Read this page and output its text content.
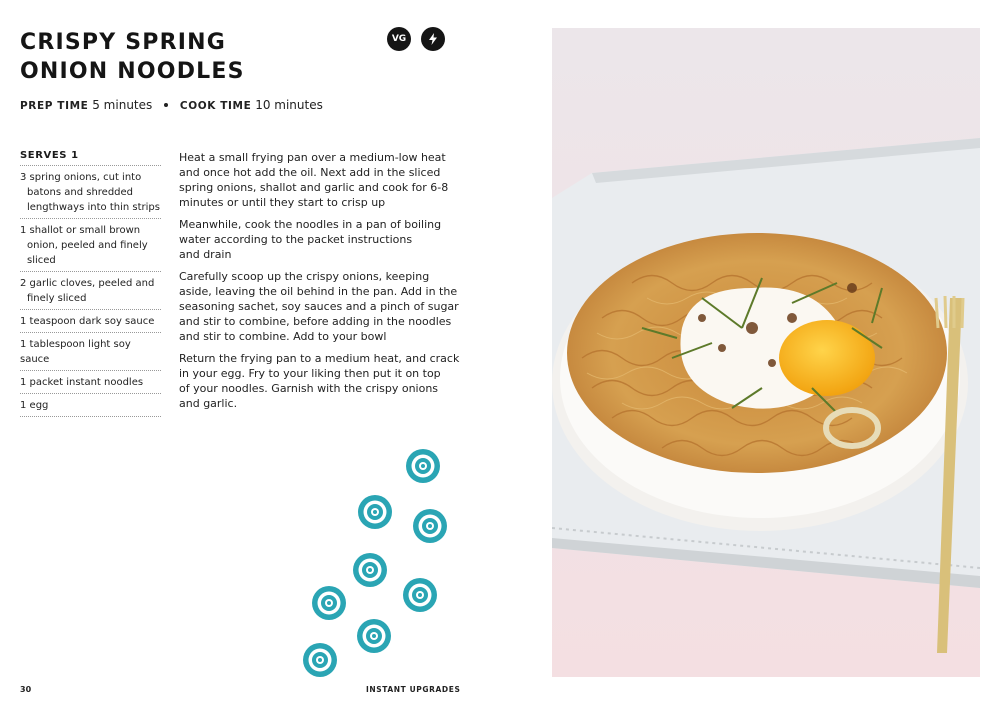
CRISPY SPRING
ONION NOODLES
VG
PREP TIME 5 minutes	COOK TIME 10 minutes
SERVES 1
3 spring onions, cut into
batons and shredded
lengthways into thin strips
1 shallot or small brown
onion, peeled and finely
sliced
2 garlic cloves, peeled and
finely sliced
1 teaspoon dark soy sauce
1 tablespoon light soy sauce
1 packet instant noodles
1 egg
Heat a small frying pan over a medium-low heat
and once hot add the oil. Next add in the sliced
spring onions, shallot and garlic and cook for 6-8
minutes or until they start to crisp up
Meanwhile, cook the noodles in a pan of boiling
water according to the packet instructions
and drain
Carefully scoop up the crispy onions, keeping
aside, leaving the oil behind in the pan. Add in the
seasoning sachet, soy sauces and a pinch of sugar
and stir to combine, before adding in the noodles
and stir to combine. Add to your bowl
Return the frying pan to a medium heat, and crack
in your egg. Fry to your liking then put it on top
of your noodles. Garnish with the crispy onions
and garlic.
30	INSTANT UPGRADES
